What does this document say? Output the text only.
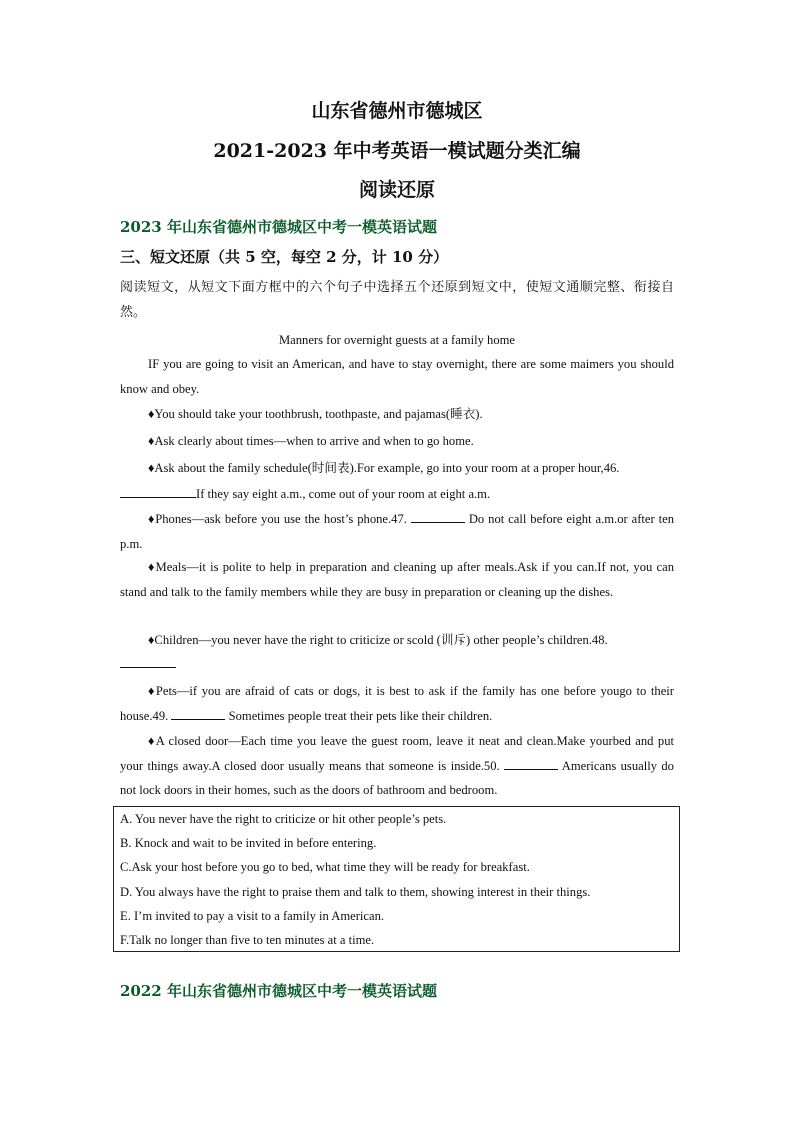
山东省德州市德城区
2021-2023 年中考英语一模试题分类汇编
阅读还原
2023 年山东省德州市德城区中考一模英语试题
三、短文还原（共 5 空，每空 2 分，计 10 分）
阅读短文，从短文下面方框中的六个句子中选择五个还原到短文中，使短文通顺完整、衔接自然。
Manners for overnight guests at a family home
IF you are going to visit an American, and have to stay overnight, there are some maimers you should know and obey.
♦You should take your toothbrush, toothpaste, and pajamas(睡衣).
♦Ask clearly about times—when to arrive and when to go home.
♦Ask about the family schedule(时间表).For example, go into your room at a proper hour,46.
If they say eight a.m., come out of your room at eight a.m.
♦Phones—ask before you use the host’s phone.47.	Do not call before eight a.m.or after ten p.m.
♦Meals—it is polite to help in preparation and cleaning up after meals.Ask if you can.If not, you can stand and talk to the family members while they are busy in preparation or cleaning up the dishes.
♦Children—you never have the right to criticize or scold (训斥) other people’s children.48.
♦Pets—if you are afraid of cats or dogs, it is best to ask if the family has one before yougo to their house.49.	Sometimes people treat their pets like their children.
♦A closed door—Each time you leave the guest room, leave it neat and clean.Make yourbed and put your things away.A closed door usually means that someone is inside.50.	Americans usually do not lock doors in their homes, such as the doors of bathroom and bedroom.
A. You never have the right to criticize or hit other people’s pets.
B. Knock and wait to be invited in before entering.
C.Ask your host before you go to bed, what time they will be ready for breakfast.
D. You always have the right to praise them and talk to them, showing interest in their things.
E. I’m invited to pay a visit to a family in American.
F.Talk no longer than five to ten minutes at a time.
2022 年山东省德州市德城区中考一模英语试题
